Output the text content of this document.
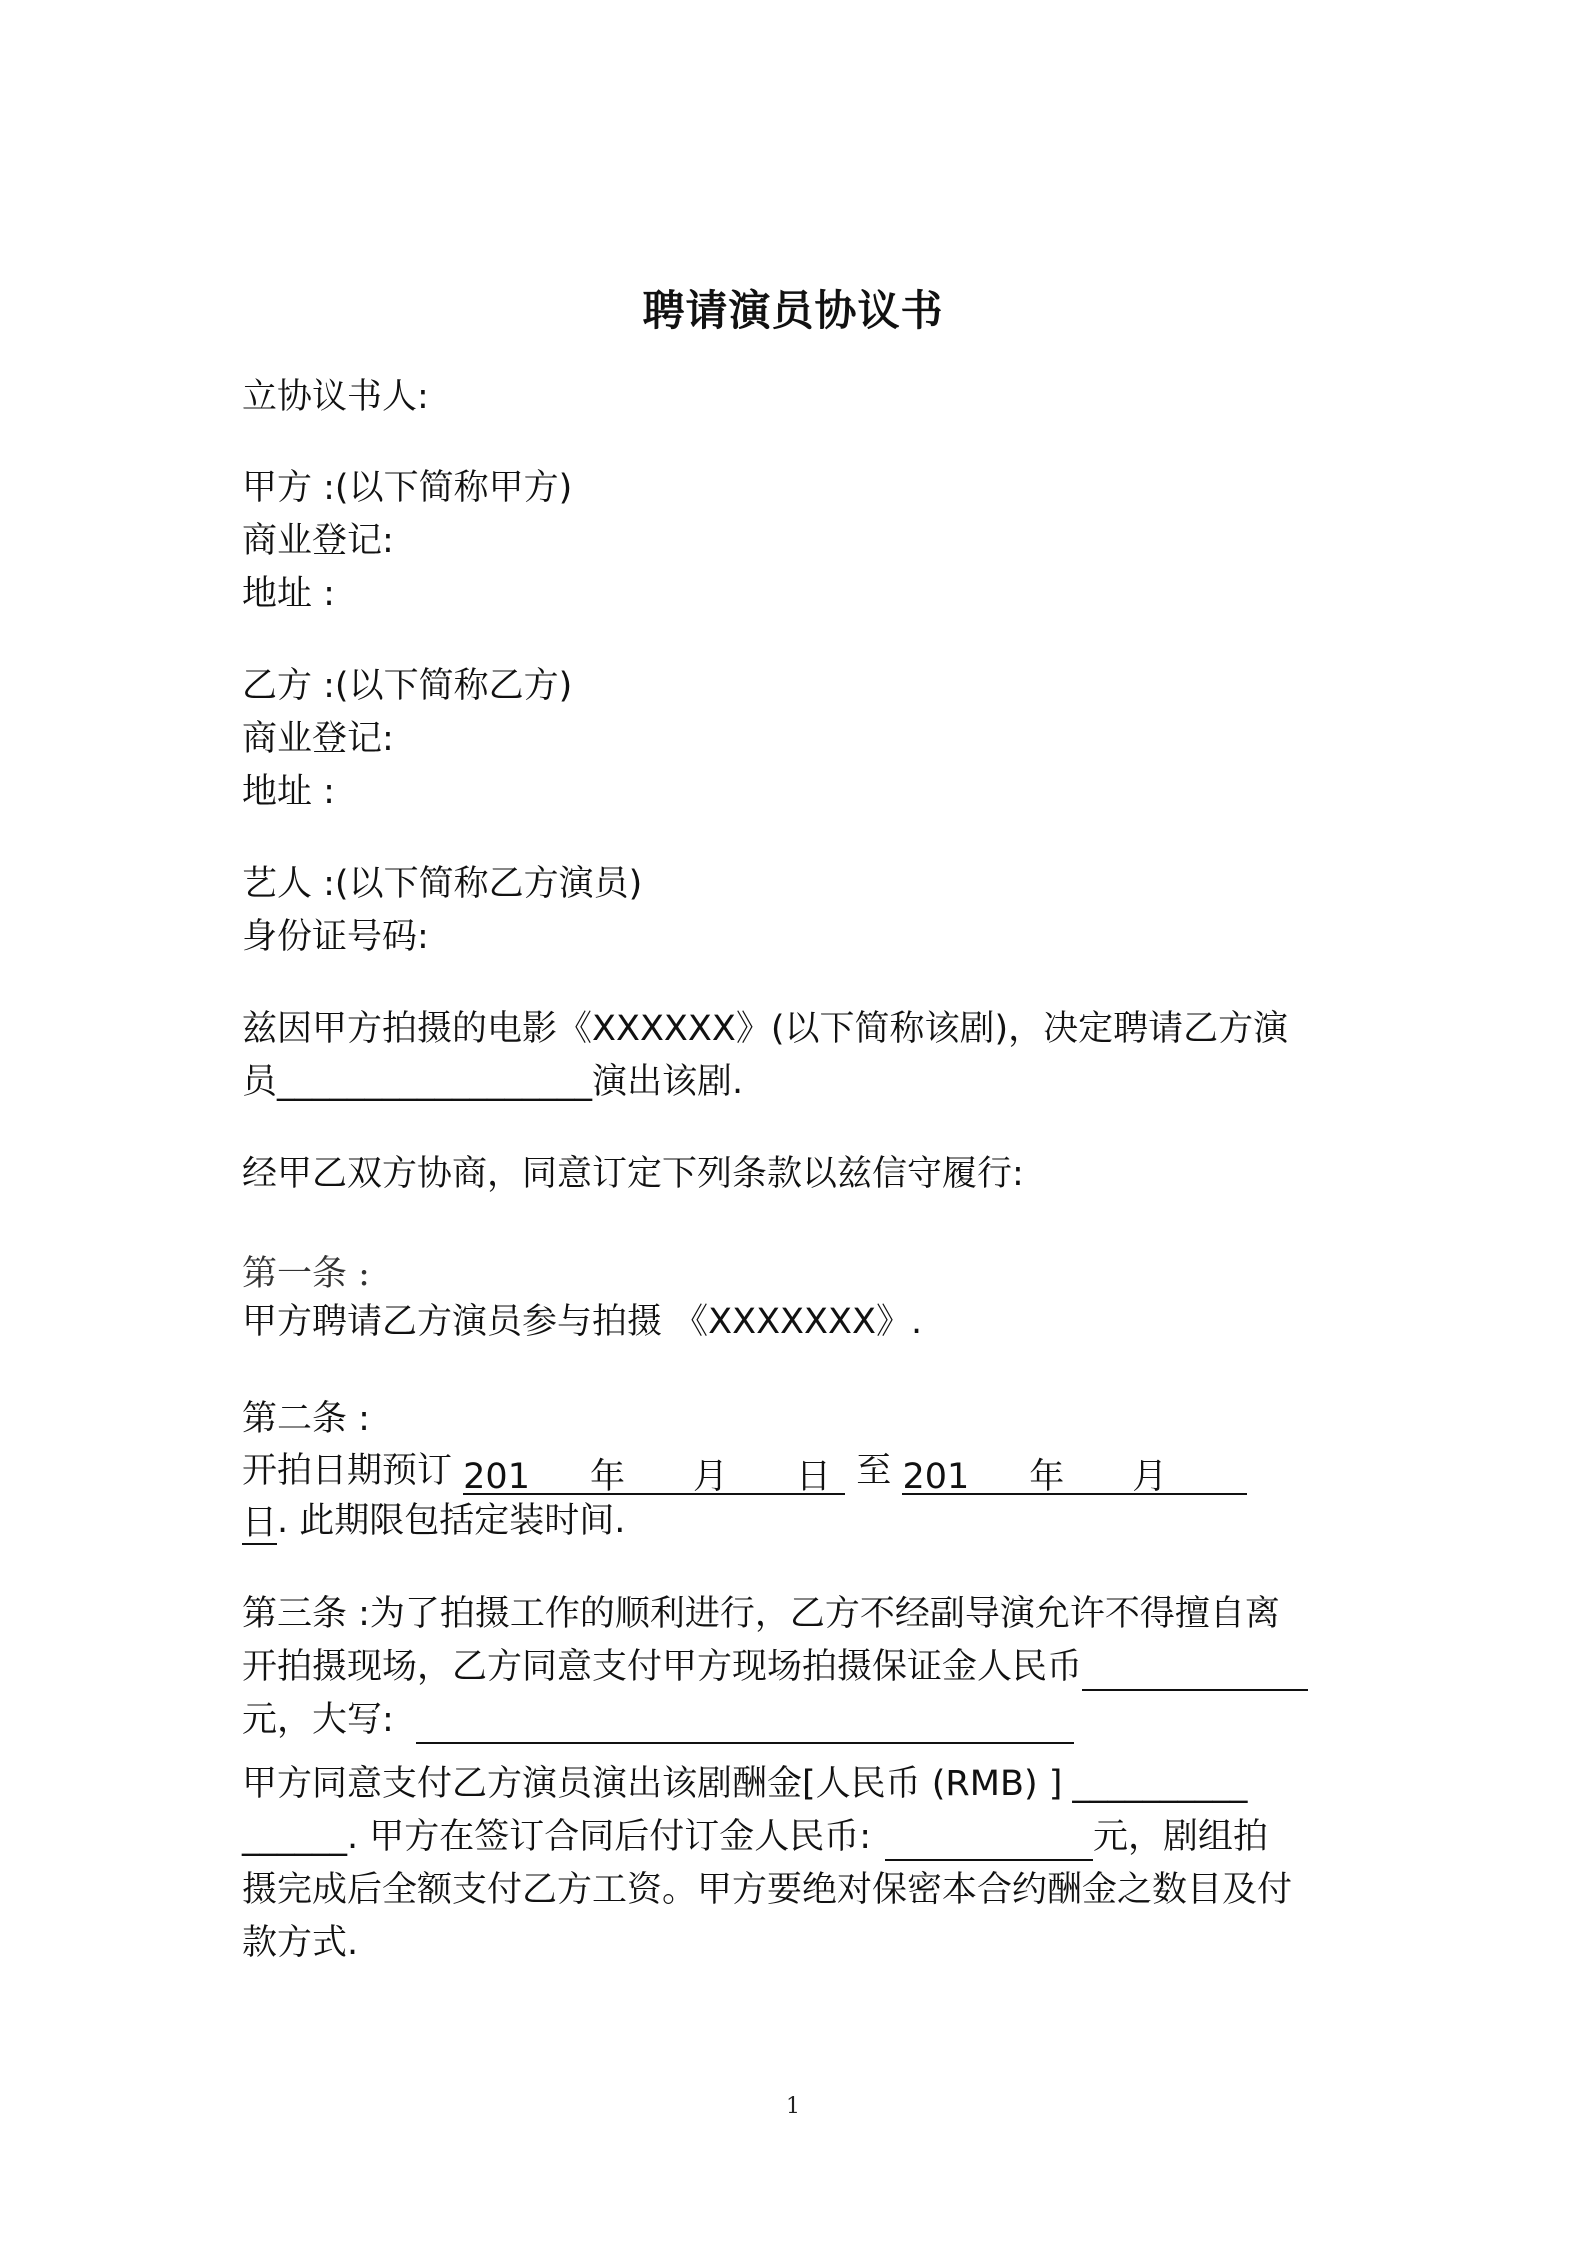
聘请演员协议书
立协议书人:
甲方 :(以下简称甲方)
商业登记:
地址 :
乙方 :(以下简称乙方)
商业登记:
地址 :
艺人 :(以下简称乙方演员)
身份证号码:
兹因甲方拍摄的电影《XXXXXX》(以下简称该剧)，决定聘请乙方演
员__________________演出该剧.
经甲乙双方协商，同意订定下列条款以兹信守履行:
第一条 :
甲方聘请乙方演员参与拍摄 《XXXXXXX》.
第二条 :
开拍日期预订 201 年 月 日 至 201 年 月
日. 此期限包括定装时间.
第三条 :为了拍摄工作的顺利进行，乙方不经副导演允许不得擅自离
开拍摄现场，乙方同意支付甲方现场拍摄保证金人民币
元，大写:
甲方同意支付乙方演员演出该剧酬金[人民币 (RMB) ] __________
______. 甲方在签订合同后付订金人民币:	元，剧组拍
摄完成后全额支付乙方工资。甲方要绝对保密本合约酬金之数目及付
款方式.
1
